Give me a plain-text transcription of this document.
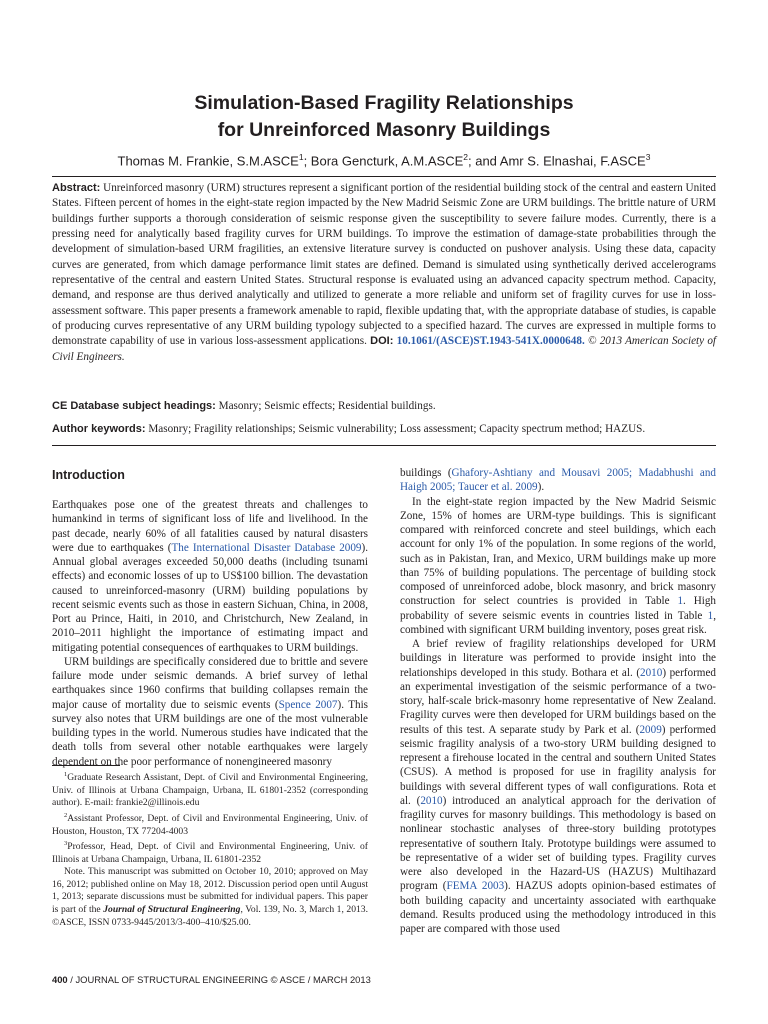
Simulation-Based Fragility Relationships
for Unreinforced Masonry Buildings
Thomas M. Frankie, S.M.ASCE$^1$; Bora Gencturk, A.M.ASCE$^2$; and Amr S. Elnashai, F.ASCE$^3$
Abstract: Unreinforced masonry (URM) structures represent a significant portion of the residential building stock of the central and eastern United States. Fifteen percent of homes in the eight-state region impacted by the New Madrid Seismic Zone are URM buildings. The brittle nature of URM buildings further supports a thorough consideration of seismic response given the susceptibility to severe failure modes. Currently, there is a pressing need for analytically based fragility curves for URM buildings. To improve the estimation of damage-state probabilities through the development of simulation-based URM fragilities, an extensive literature survey is conducted on pushover analysis. Using these data, capacity curves are generated, from which damage performance limit states are defined. Demand is simulated using synthetically derived accelerograms representative of the central and eastern United States. Structural response is evaluated using an advanced capacity spectrum method. Capacity, demand, and response are thus derived analytically and utilized to generate a more reliable and uniform set of fragility curves for use in loss-assessment software. This paper presents a framework amenable to rapid, flexible updating that, with the appropriate database of studies, is capable of producing curves representative of any URM building typology subjected to a specified hazard. The curves are expressed in multiple forms to demonstrate capability of use in various loss-assessment applications. DOI: 10.1061/(ASCE)ST.1943-541X.0000648. © 2013 American Society of Civil Engineers.
CE Database subject headings: Masonry; Seismic effects; Residential buildings.
Author keywords: Masonry; Fragility relationships; Seismic vulnerability; Loss assessment; Capacity spectrum method; HAZUS.
Introduction

Earthquakes pose one of the greatest threats and challenges to humankind in terms of significant loss of life and livelihood. In the past decade, nearly 60% of all fatalities caused by natural disasters were due to earthquakes (The International Disaster Database 2009). Annual global averages exceeded 50,000 deaths (including tsunami effects) and economic losses of up to US$100 billion. The devastation caused to unreinforced-masonry (URM) building populations by recent seismic events such as those in eastern Sichuan, China, in 2008, Port au Prince, Haiti, in 2010, and Christchurch, New Zealand, in 2010–2011 highlight the importance of estimating impact and mitigating potential consequences of earthquakes to URM buildings.

URM buildings are specifically considered due to brittle and severe failure mode under seismic demands. A brief survey of lethal earthquakes since 1960 confirms that building collapses remain the major cause of mortality due to seismic events (Spence 2007). This survey also notes that URM buildings are one of the most vulnerable building types in the world. Numerous studies have indicated that the death tolls from several other notable earthquakes were largely dependent on the poor performance of nonengineered masonry

$^1$Graduate Research Assistant, Dept. of Civil and Environmental Engineering, Univ. of Illinois at Urbana Champaign, Urbana, IL 61801-2352 (corresponding author). E-mail: frankie2@illinois.edu

$^2$Assistant Professor, Dept. of Civil and Environmental Engineering, Univ. of Houston, Houston, TX 77204-4003

$^3$Professor, Head, Dept. of Civil and Environmental Engineering, Univ. of Illinois at Urbana Champaign, Urbana, IL 61801-2352

Note. This manuscript was submitted on October 10, 2010; approved on May 16, 2012; published online on May 18, 2012. Discussion period open until August 1, 2013; separate discussions must be submitted for individual papers. This paper is part of the Journal of Structural Engineering, Vol. 139, No. 3, March 1, 2013. ©ASCE, ISSN 0733-9445/2013/3-400–410/$25.00.

buildings (Ghafory-Ashtiany and Mousavi 2005; Madabhushi and Haigh 2005; Taucer et al. 2009).

In the eight-state region impacted by the New Madrid Seismic Zone, 15% of homes are URM-type buildings. This is significant compared with reinforced concrete and steel buildings, which each account for only 1% of the population. In some regions of the world, such as in Pakistan, Iran, and Mexico, URM buildings make up more than 75% of building populations. The percentage of building stock composed of unreinforced adobe, block masonry, and brick masonry construction for select countries is provided in Table 1. High probability of severe seismic events in countries listed in Table 1, combined with significant URM building inventory, poses great risk.

A brief review of fragility relationships developed for URM buildings in literature was performed to provide insight into the relationships developed in this study. Bothara et al. (2010) performed an experimental investigation of the seismic performance of a two-story, half-scale brick-masonry home representative of New Zealand. Fragility curves were then developed for URM buildings based on the results of this test. A separate study by Park et al. (2009) performed seismic fragility analysis of a two-story URM building designed to represent a firehouse located in the central and southern United States (CSUS). A method is proposed for use in fragility analysis for buildings with several different types of wall configurations. Rota et al. (2010) introduced an analytical approach for the derivation of fragility curves for masonry buildings. This methodology is based on nonlinear stochastic analyses of three-story building prototypes representative of southern Italy. Prototype buildings were assumed to be representative of a wider set of building types. Fragility curves were also developed in the Hazard-US (HAZUS) Multihazard program (FEMA 2003). HAZUS adopts opinion-based estimates of both building capacity and uncertainty associated with earthquake demand. Results produced using the methodology introduced in this paper are compared with those used

400 / JOURNAL OF STRUCTURAL ENGINEERING © ASCE / MARCH 2013
